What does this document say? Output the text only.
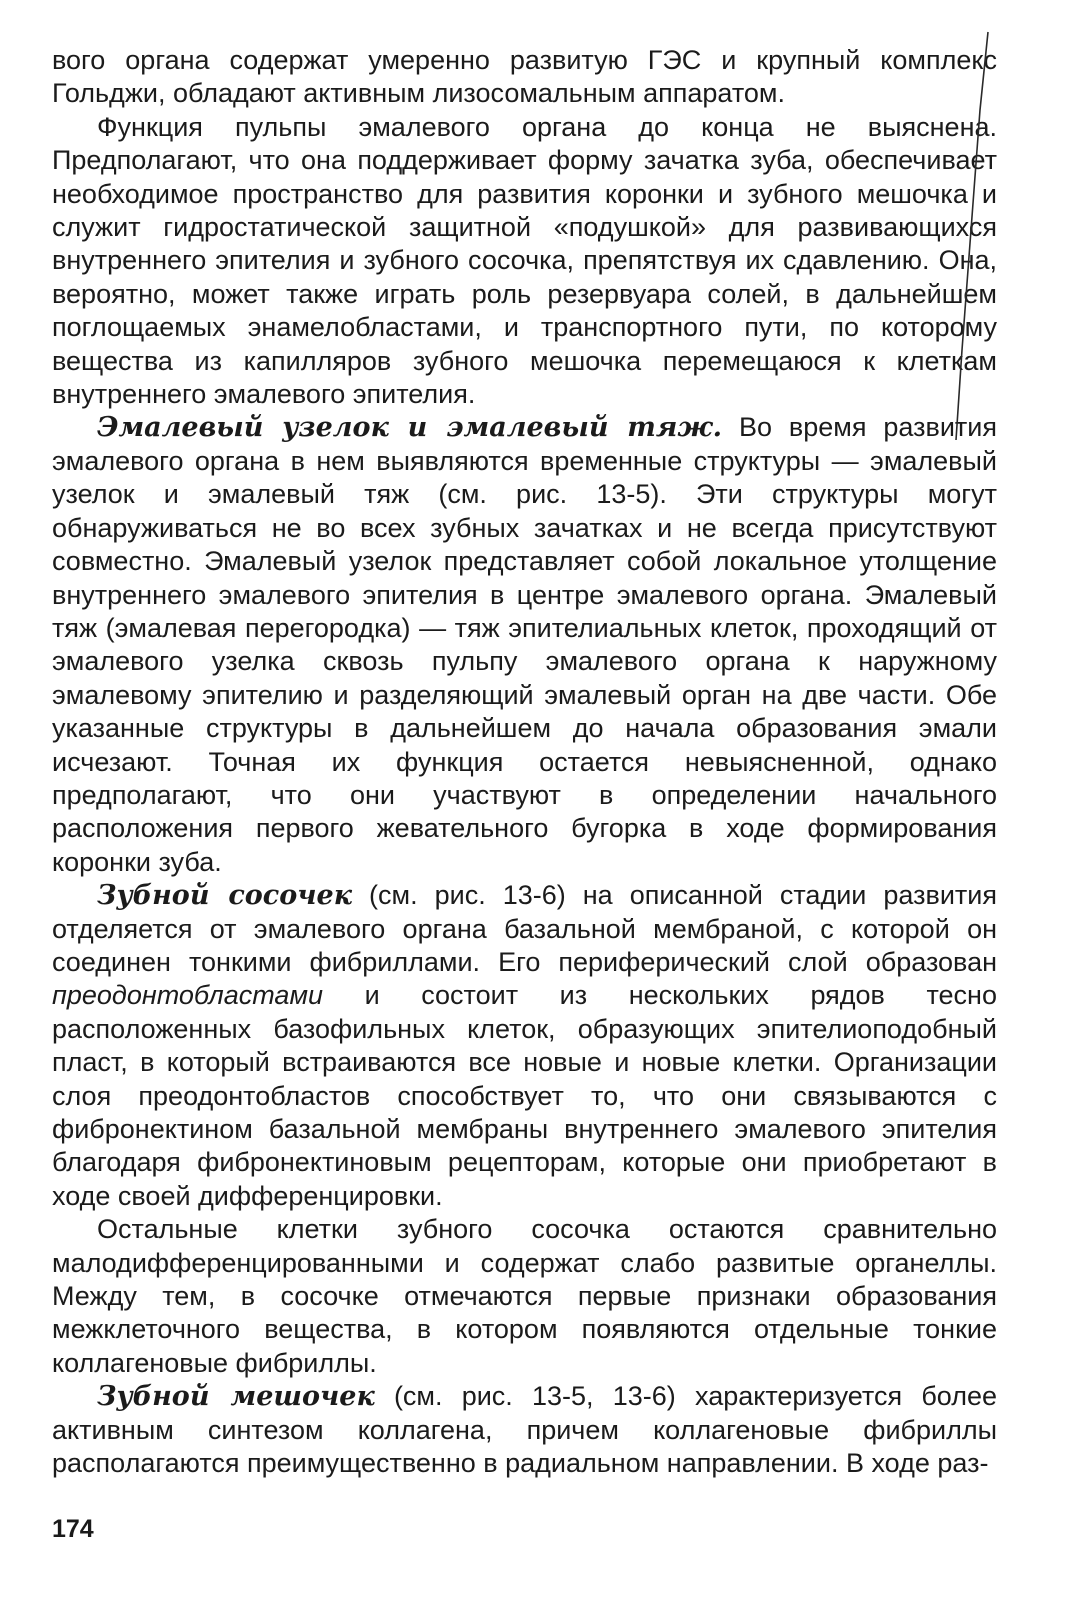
вого органа содержат умеренно развитую ГЭС и крупный комплекс Гольджи, обладают активным лизосомальным аппаратом.

Функция пульпы эмалевого органа до конца не выяснена. Предполагают, что она поддерживает форму зачатка зуба, обеспечивает необходимое пространство для развития коронки и зубного мешочка и служит гидростатической защитной «подушкой» для развивающихся внутреннего эпителия и зубного сосочка, препятствуя их сдавлению. Она, вероятно, может также играть роль резервуара солей, в дальнейшем поглощаемых энамелобластами, и транспортного пути, по которому вещества из капилляров зубного мешочка перемещаюся к клеткам внутреннего эмалевого эпителия.

Эмалевый узелок и эмалевый тяж. Во время развития эмалевого органа в нем выявляются временные структуры — эмалевый узелок и эмалевый тяж (см. рис. 13-5). Эти структуры могут обнаруживаться не во всех зубных зачатках и не всегда присутствуют совместно. Эмалевый узелок представляет собой локальное утолщение внутреннего эмалевого эпителия в центре эмалевого органа. Эмалевый тяж (эмалевая перегородка) — тяж эпителиальных клеток, проходящий от эмалевого узелка сквозь пульпу эмалевого органа к наружному эмалевому эпителию и разделяющий эмалевый орган на две части. Обе указанные структуры в дальнейшем до начала образования эмали исчезают. Точная их функция остается невыясненной, однако предполагают, что они участвуют в определении начального расположения первого жевательного бугорка в ходе формирования коронки зуба.

Зубной сосочек (см. рис. 13-6) на описанной стадии развития отделяется от эмалевого органа базальной мембраной, с которой он соединен тонкими фибриллами. Его периферический слой образован преодонтобластами и состоит из нескольких рядов тесно расположенных базофильных клеток, образующих эпителиоподобный пласт, в который встраиваются все новые и новые клетки. Организации слоя преодонтобластов способствует то, что они связываются с фибронектином базальной мембраны внутреннего эмалевого эпителия благодаря фибронектиновым рецепторам, которые они приобретают в ходе своей дифференцировки.

Остальные клетки зубного сосочка остаются сравнительно малодифференцированными и содержат слабо развитые органеллы. Между тем, в сосочке отмечаются первые признаки образования межклеточного вещества, в котором появляются отдельные тонкие коллагеновые фибриллы.

Зубной мешочек (см. рис. 13-5, 13-6) характеризуется более активным синтезом коллагена, причем коллагеновые фибриллы располагаются преимущественно в радиальном направлении. В ходе раз-

174
